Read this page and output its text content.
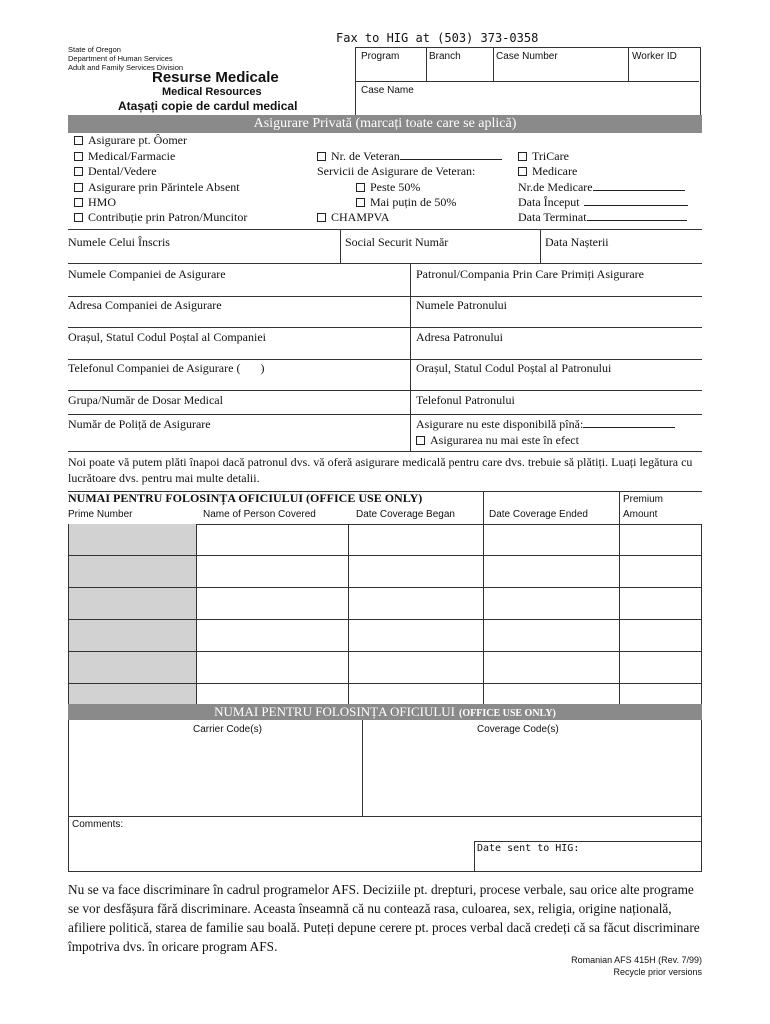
Fax to HIG at (503) 373-0358
State of Oregon
Department of Human Services
Adult and Family Services Division
Resurse Medicale
Medical Resources
Atașați copie de cardul medical
Program	Branch	Case Number	Worker ID
Case Name
Asigurare Privată (marcați toate care se aplică)
Asigurare pt. Ȏomer
Medical/Farmacie
Dental/Vedere
Asigurare prin Părintele Absent
HMO
Contribuție prin Patron/Muncitor
Nr. de Veteran
Servicii de Asigurare de Veteran:
Peste 50%
Mai puțin de 50%
CHAMPVA
TriCare
Medicare
Nr.de Medicare
Data Ȋnceput
Data Terminat
Numele Celui Ȋnscris	Social Securit Număr	Data Nașterii
Numele Companiei de Asigurare	Patronul/Compania Prin Care Primiți Asigurare
Adresa Companiei de Asigurare	Numele Patronului
Orașul, Statul Codul Poștal al Companiei	Adresa Patronului
Telefonul Companiei de Asigurare ( )	Orașul, Statul Codul Poștal al Patronului
Grupa/Număr de Dosar Medical	Telefonul Patronului
Număr de Poliță de Asigurare	Asigurare nu este disponibilă pînă:
Asigurarea nu mai este în efect
Noi poate vă putem plăti înapoi dacă patronul dvs. vă oferă asigurare medicală pentru care dvs. trebuie să plătiți. Luați legătura cu lucrătoare dvs. pentru mai multe detalii.
NUMAI PENTRU FOLOSINȚA OFICIULUI (OFFICE USE ONLY)
Prime Number	Name of Person Covered	Date Coverage Began	Date Coverage Ended
Premium
Amount
NUMAI PENTRU FOLOSINȚA OFICIULUI (OFFICE USE ONLY)
Carrier Code(s)	Coverage Code(s)
Comments:
Date sent to HIG:
Nu se va face discriminare în cadrul programelor AFS. Deciziile pt. drepturi, procese verbale, sau orice alte programe se vor desfășura fără discriminare. Aceasta înseamnă că nu contează rasa, culoarea, sex, religia, origine națională, afiliere politică, starea de familie sau boală. Puteți depune cerere pt. proces verbal dacă credeți că sa făcut discriminare împotriva dvs. în oricare program AFS.
Romanian AFS 415H (Rev. 7/99)
Recycle prior versions
